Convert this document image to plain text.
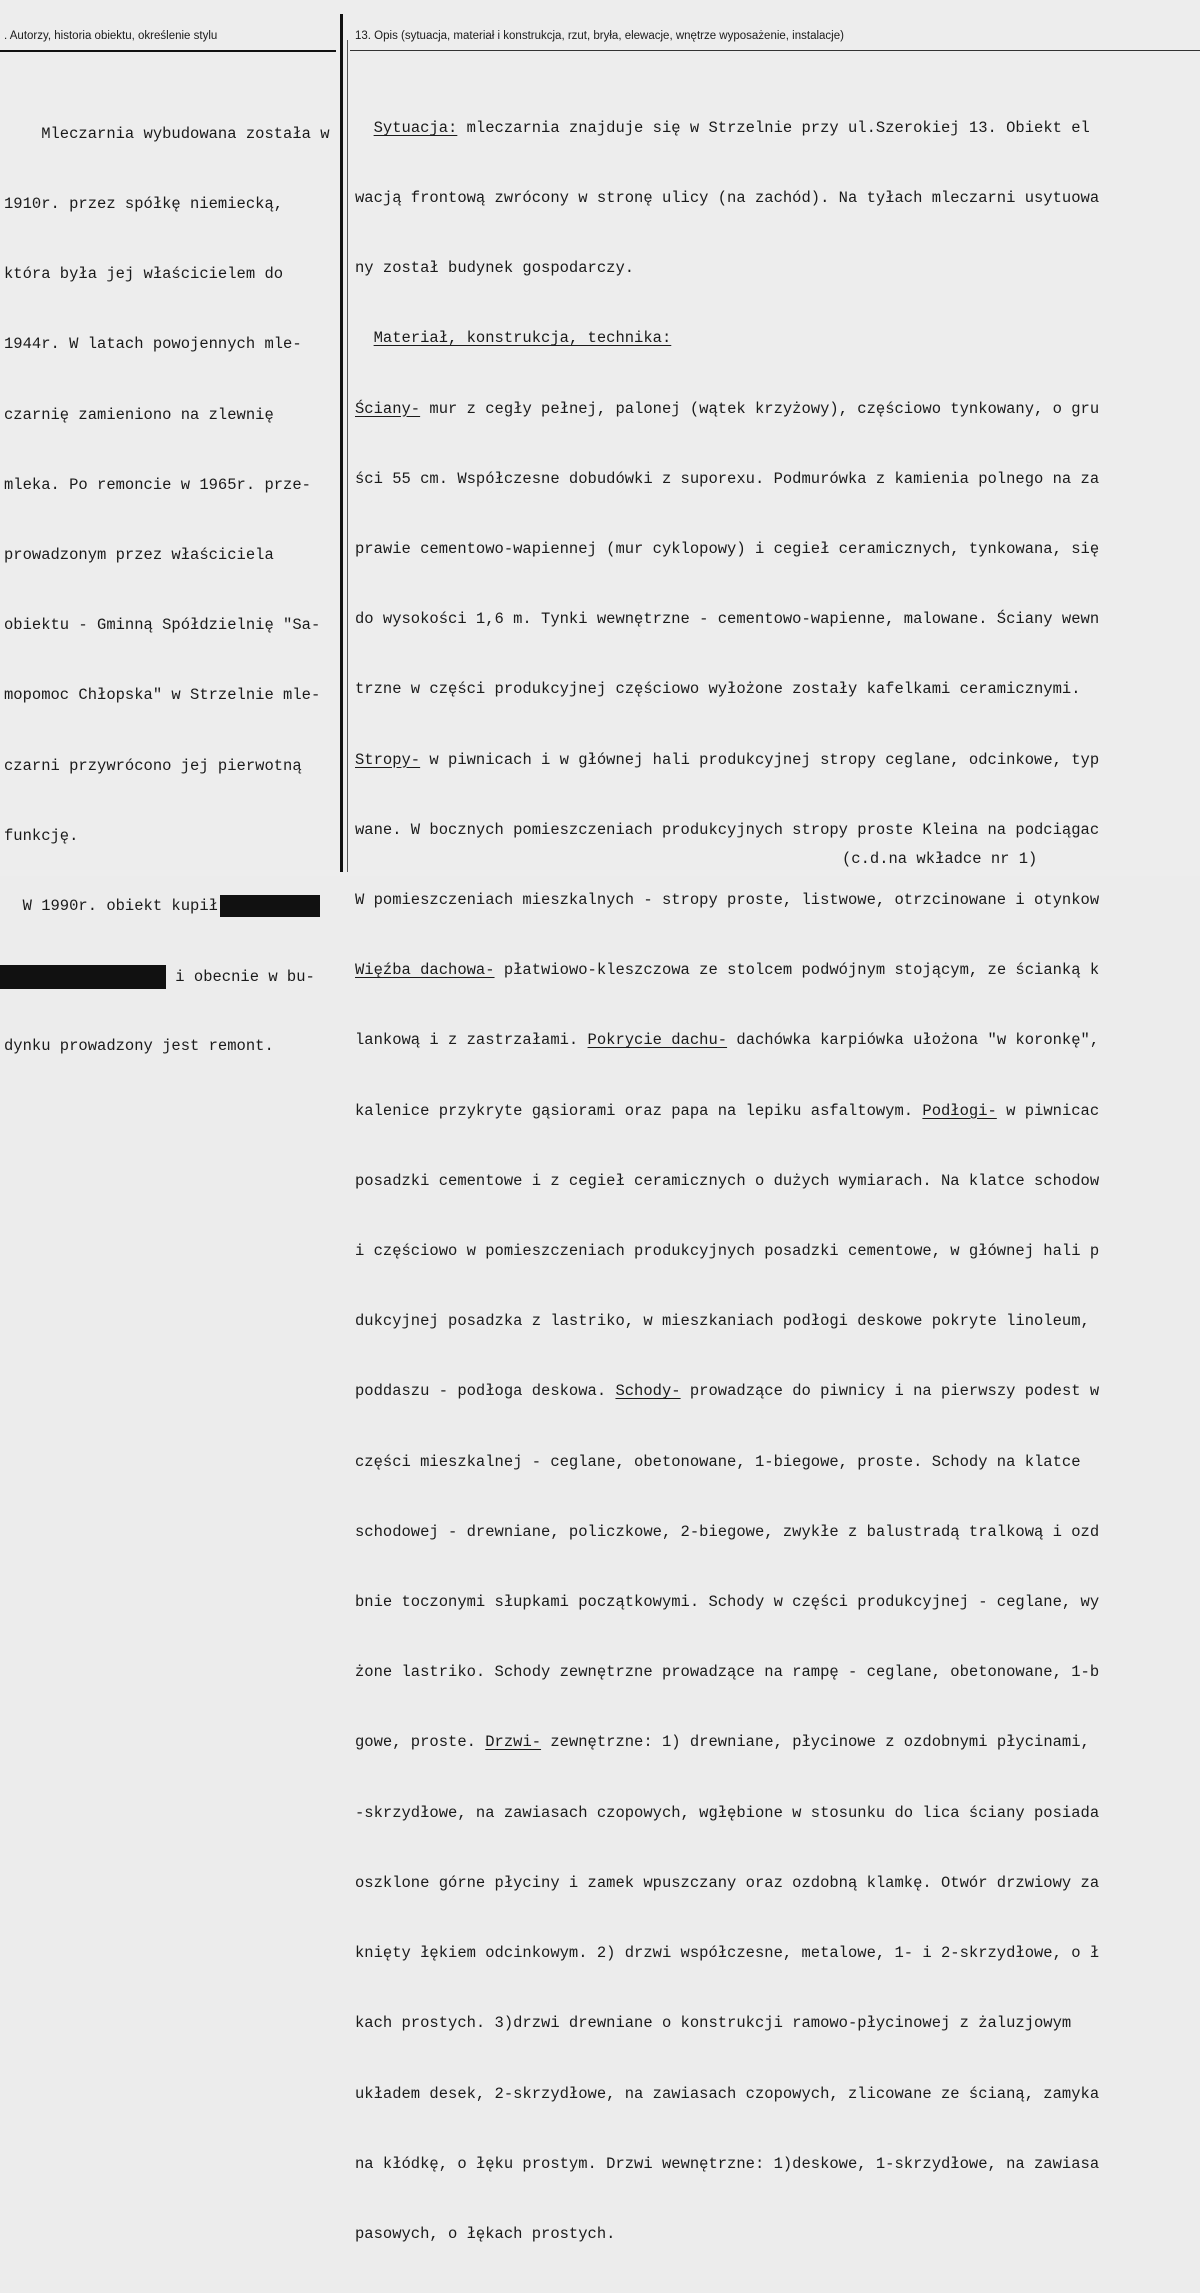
. Autorzy, historia obiektu, określenie stylu	13. Opis (sytuacja, materiał i konstrukcja, rzut, bryła, elewacje, wnętrze wyposażenie, instalacje)

Mleczarnia wybudowana została w

1910r. przez spółkę niemiecką,

która była jej właścicielem do

1944r. W latach powojennych mle-

czarnię zamieniono na zlewnię

mleka. Po remoncie w 1965r. prze-

prowadzonym przez właściciela

obiektu - Gminną Spółdzielnię "Sa-

mopomoc Chłopska" w Strzelnie mle-

czarni przywrócono jej pierwotną

funkcję.

W 1990r. obiekt kupił

i obecnie w bu-

dynku prowadzony jest remont.

Sytuacja: mleczarnia znajduje się w Strzelnie przy ul.Szerokiej 13. Obiekt el

wacją frontową zwrócony w stronę ulicy (na zachód). Na tyłach mleczarni usytuowa

ny został budynek gospodarczy.

Materiał, konstrukcja, technika:

Ściany- mur z cegły pełnej, palonej (wątek krzyżowy), częściowo tynkowany, o gru

ści 55 cm. Współczesne dobudówki z suporexu. Podmurówka z kamienia polnego na za

prawie cementowo-wapiennej (mur cyklopowy) i cegieł ceramicznych, tynkowana, się

do wysokości 1,6 m. Tynki wewnętrzne - cementowo-wapienne, malowane. Ściany wewn

trzne w części produkcyjnej częściowo wyłożone zostały kafelkami ceramicznymi.

Stropy- w piwnicach i w głównej hali produkcyjnej stropy ceglane, odcinkowe, typ

wane. W bocznych pomieszczeniach produkcyjnych stropy proste Kleina na podciągac

W pomieszczeniach mieszkalnych - stropy proste, listwowe, otrzcinowane i otynkow

Więźba dachowa- płatwiowo-kleszczowa ze stolcem podwójnym stojącym, ze ścianką k

lankową i z zastrzałami. Pokrycie dachu- dachówka karpiówka ułożona "w koronkę",

kalenice przykryte gąsiorami oraz papa na lepiku asfaltowym. Podłogi- w piwnicac

posadzki cementowe i z cegieł ceramicznych o dużych wymiarach. Na klatce schodow

i częściowo w pomieszczeniach produkcyjnych posadzki cementowe, w głównej hali p

dukcyjnej posadzka z lastriko, w mieszkaniach podłogi deskowe pokryte linoleum,

poddaszu - podłoga deskowa. Schody- prowadzące do piwnicy i na pierwszy podest w

części mieszkalnej - ceglane, obetonowane, 1-biegowe, proste. Schody na klatce

schodowej - drewniane, policzkowe, 2-biegowe, zwykłe z balustradą tralkową i ozd

bnie toczonymi słupkami początkowymi. Schody w części produkcyjnej - ceglane, wy

żone lastriko. Schody zewnętrzne prowadzące na rampę - ceglane, obetonowane, 1-b

gowe, proste. Drzwi- zewnętrzne: 1) drewniane, płycinowe z ozdobnymi płycinami,

-skrzydłowe, na zawiasach czopowych, wgłębione w stosunku do lica ściany posiada

oszklone górne płyciny i zamek wpuszczany oraz ozdobną klamkę. Otwór drzwiowy za

knięty łękiem odcinkowym. 2) drzwi współczesne, metalowe, 1- i 2-skrzydłowe, o ł

kach prostych. 3)drzwi drewniane o konstrukcji ramowo-płycinowej z żaluzjowym

układem desek, 2-skrzydłowe, na zawiasach czopowych, zlicowane ze ścianą, zamyka

na kłódkę, o łęku prostym. Drzwi wewnętrzne: 1)deskowe, 1-skrzydłowe, na zawiasa

pasowych, o łękach prostych.

(c.d.na wkładce nr 1)
